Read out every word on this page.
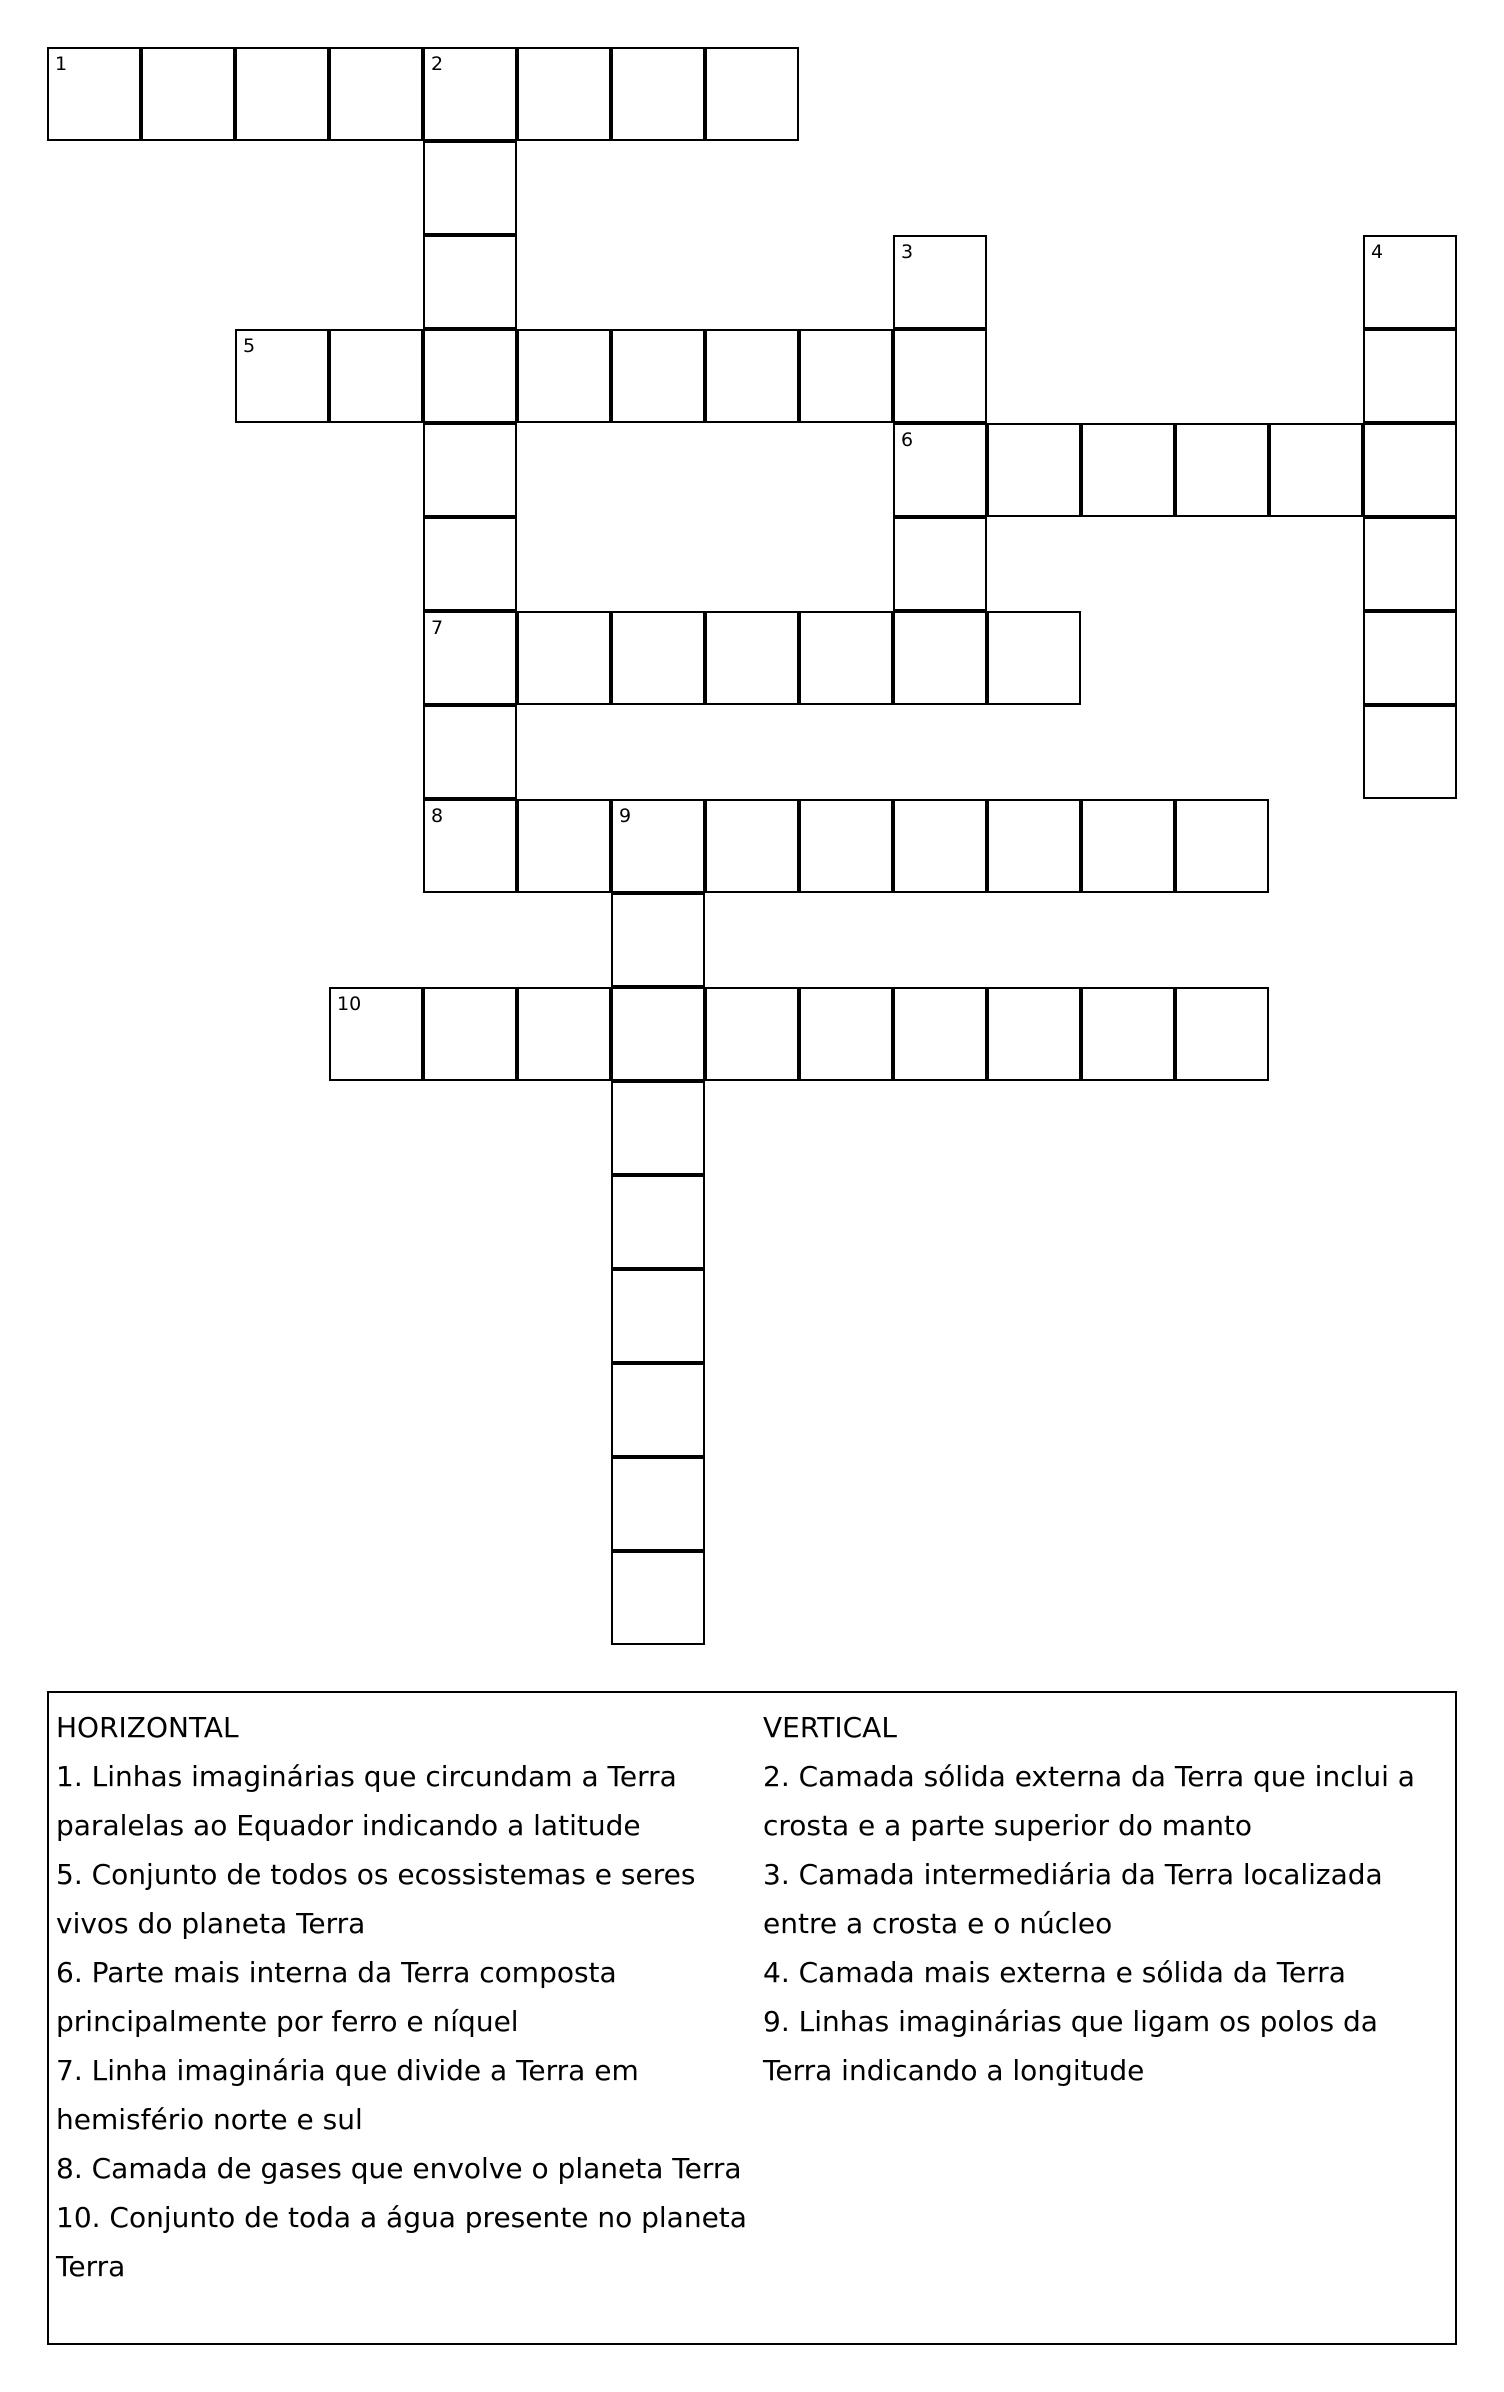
1	2
7
3
6
4
5
8	9
10

HORIZONTAL

1. Linhas imaginárias que circundam a Terra paralelas ao Equador indicando a latitude

5. Conjunto de todos os ecossistemas e seres vivos do planeta Terra

6. Parte mais interna da Terra composta principalmente por ferro e níquel

7. Linha imaginária que divide a Terra em hemisfério norte e sul

8. Camada de gases que envolve o planeta Terra

10. Conjunto de toda a água presente no planeta Terra

VERTICAL

2. Camada sólida externa da Terra que inclui a crosta e a parte superior do manto

3. Camada intermediária da Terra localizada entre a crosta e o núcleo

4. Camada mais externa e sólida da Terra

9. Linhas imaginárias que ligam os polos da Terra indicando a longitude
